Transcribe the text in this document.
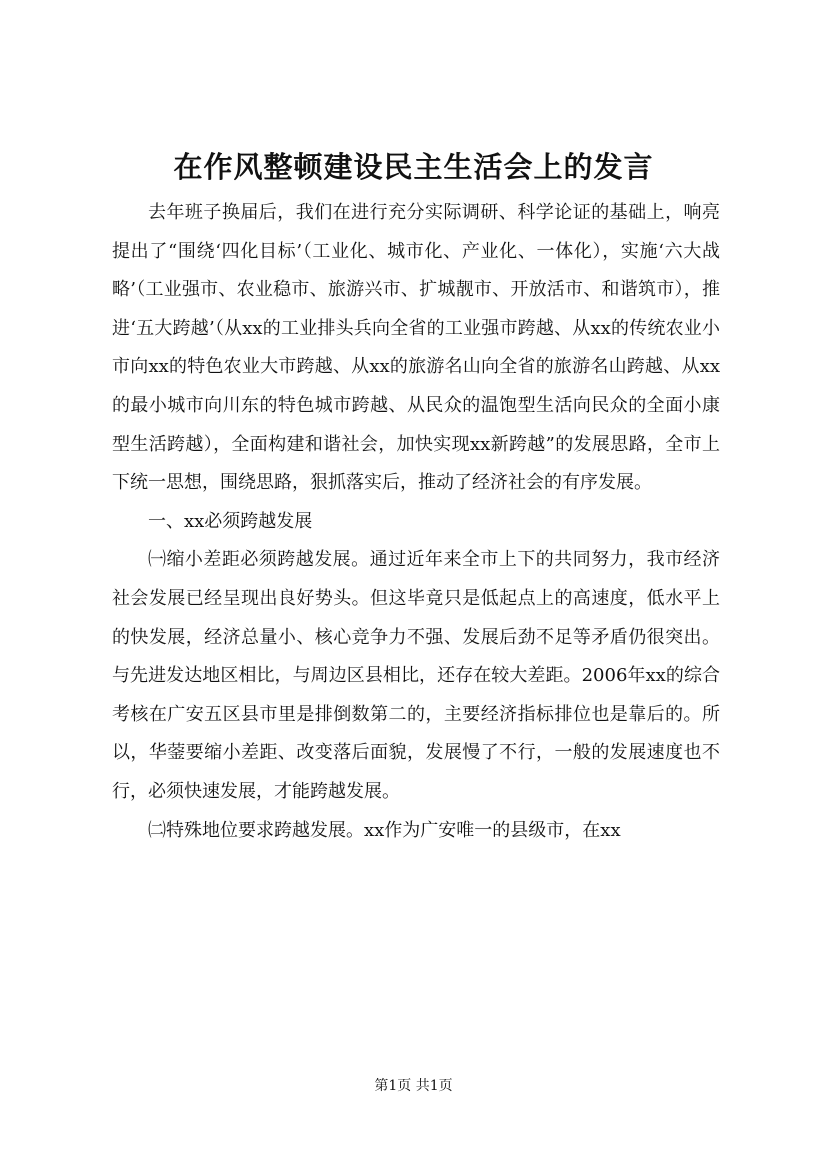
在作风整顿建设民主生活会上的发言

去年班子换届后，我们在进行充分实际调研、科学论证的基础上，响亮提出了“围绕‘四化目标’（工业化、城市化、产业化、一体化），实施‘六大战略’（工业强市、农业稳市、旅游兴市、扩城靓市、开放活市、和谐筑市），推进‘五大跨越’（从xx的工业排头兵向全省的工业强市跨越、从xx的传统农业小市向xx的特色农业大市跨越、从xx的旅游名山向全省的旅游名山跨越、从xx的最小城市向川东的特色城市跨越、从民众的温饱型生活向民众的全面小康型生活跨越），全面构建和谐社会，加快实现xx新跨越”的发展思路，全市上下统一思想，围绕思路，狠抓落实后，推动了经济社会的有序发展。

一、xx必须跨越发展

㈠缩小差距必须跨越发展。通过近年来全市上下的共同努力，我市经济社会发展已经呈现出良好势头。但这毕竟只是低起点上的高速度，低水平上的快发展，经济总量小、核心竞争力不强、发展后劲不足等矛盾仍很突出。与先进发达地区相比，与周边区县相比，还存在较大差距。2006年xx的综合考核在广安五区县市里是排倒数第二的，主要经济指标排位也是靠后的。所以，华蓥要缩小差距、改变落后面貌，发展慢了不行，一般的发展速度也不行，必须快速发展，才能跨越发展。

㈡特殊地位要求跨越发展。xx作为广安唯一的县级市，在xx

第1页 共1页
